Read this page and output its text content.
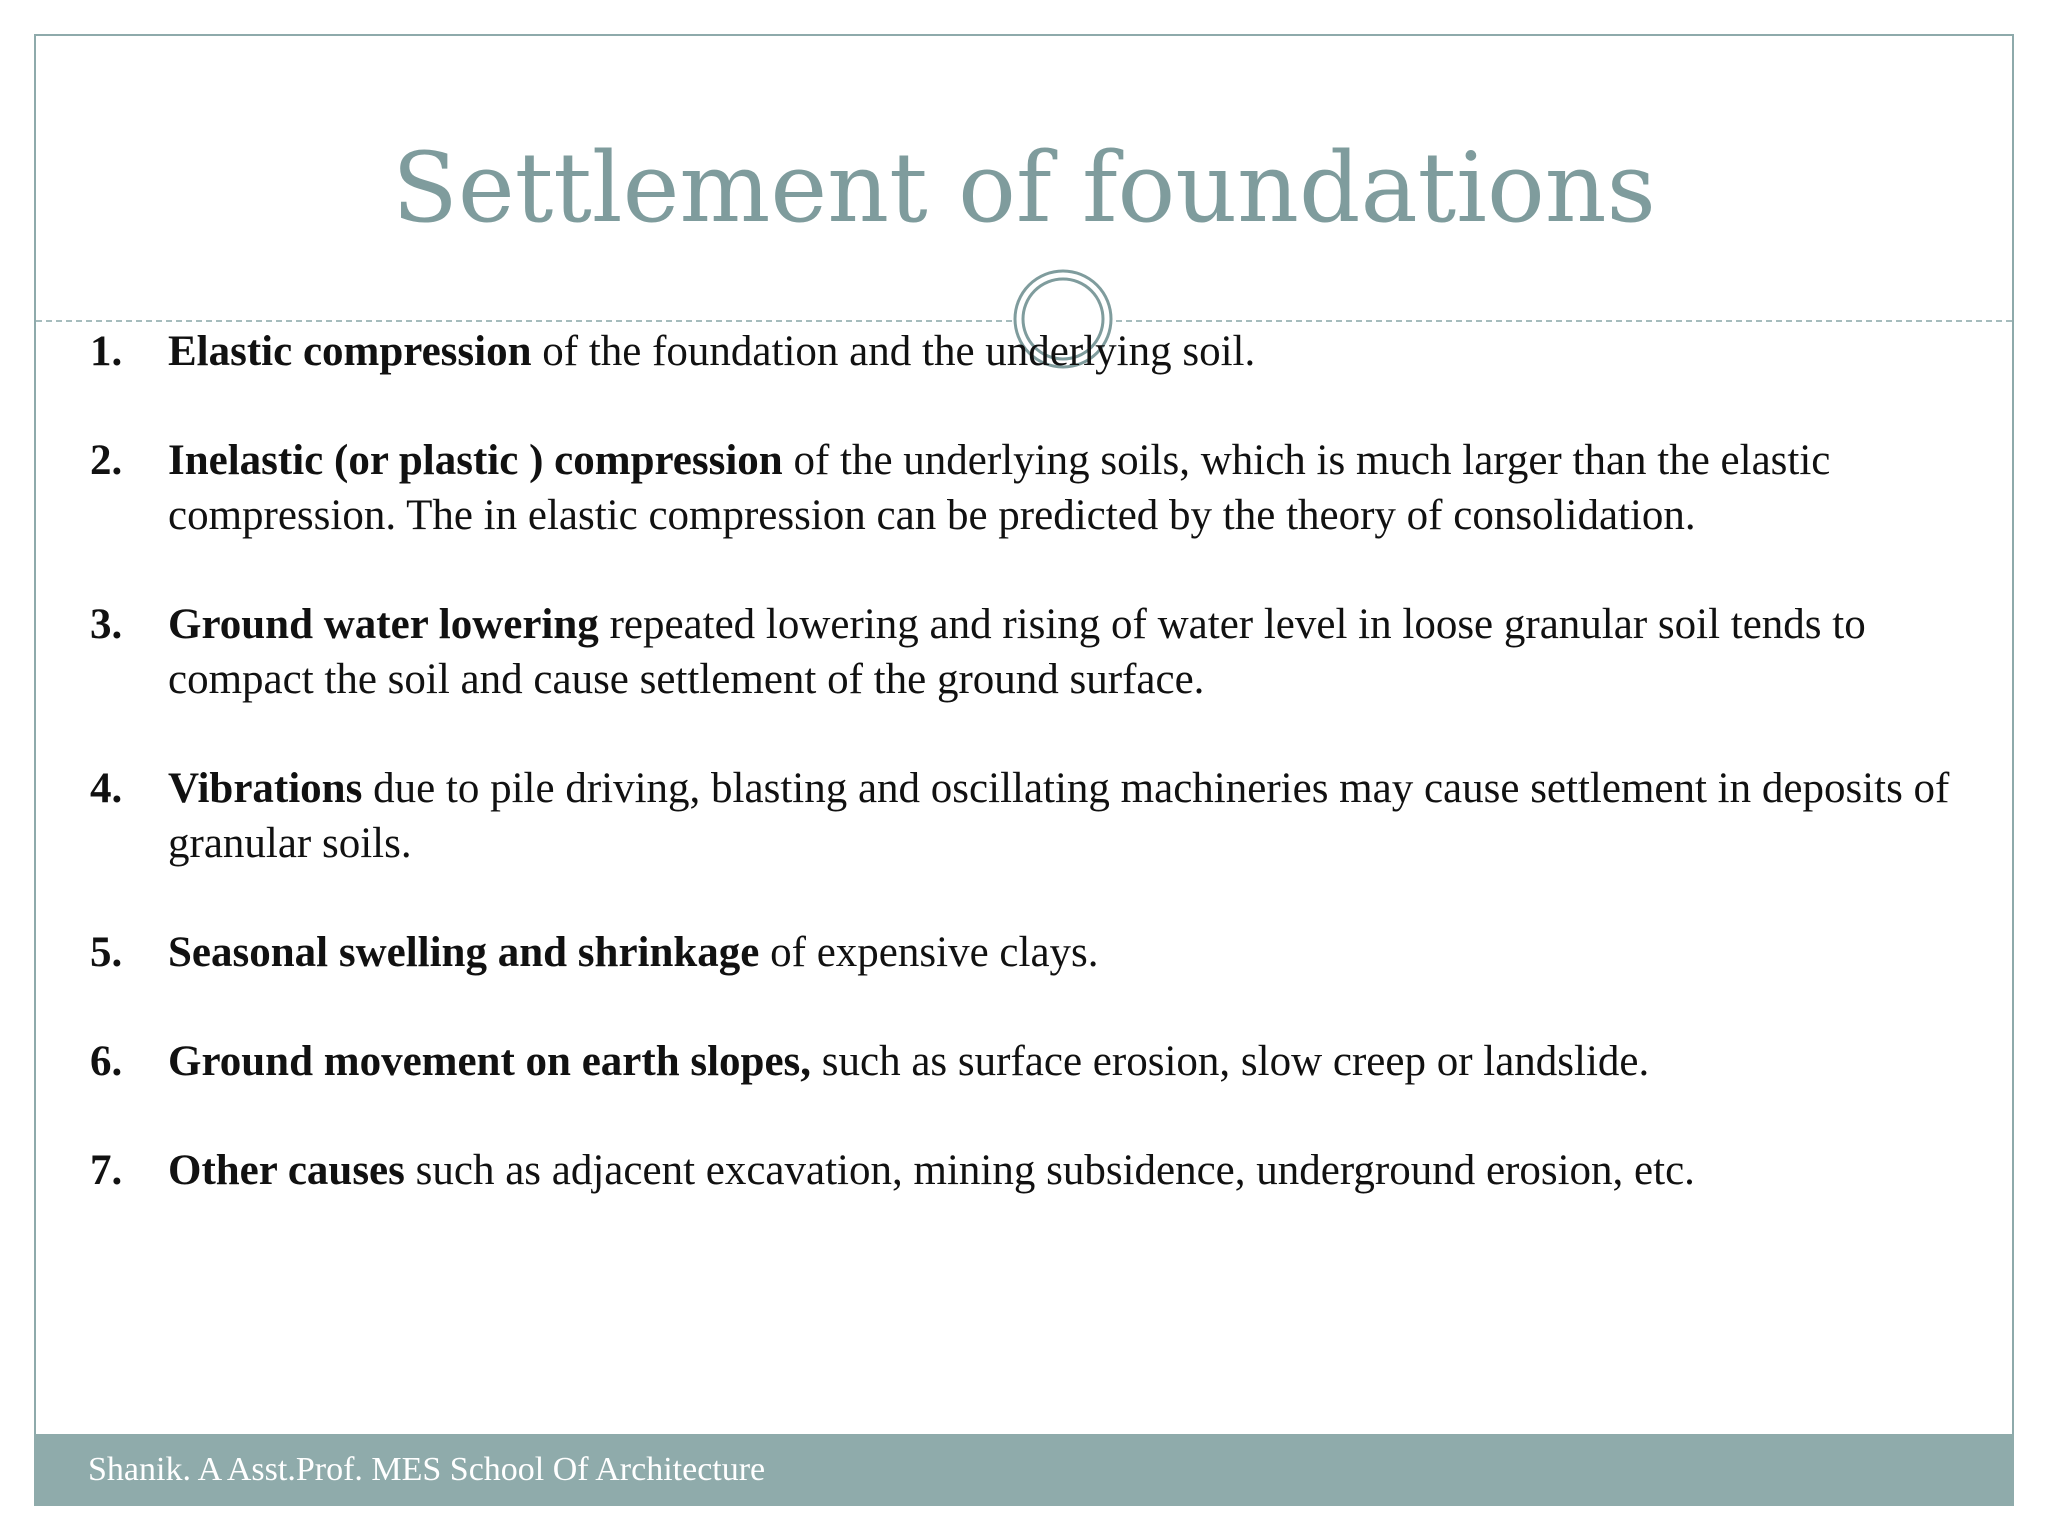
Settlement of foundations
1. Elastic compression of the foundation and the underlying soil.
2. Inelastic (or plastic ) compression of the underlying soils, which is much larger than the elastic compression. The in elastic compression can be predicted by the theory of consolidation.
3. Ground water lowering repeated lowering and rising of water level in loose granular soil tends to compact the soil and cause settlement of the ground surface.
4. Vibrations due to pile driving, blasting and oscillating machineries may cause settlement in deposits of granular soils.
5. Seasonal swelling and shrinkage of expensive clays.
6. Ground movement on earth slopes, such as surface erosion, slow creep or landslide.
7. Other causes such as adjacent excavation, mining subsidence, underground erosion, etc.
Shanik. A Asst.Prof. MES School Of Architecture
